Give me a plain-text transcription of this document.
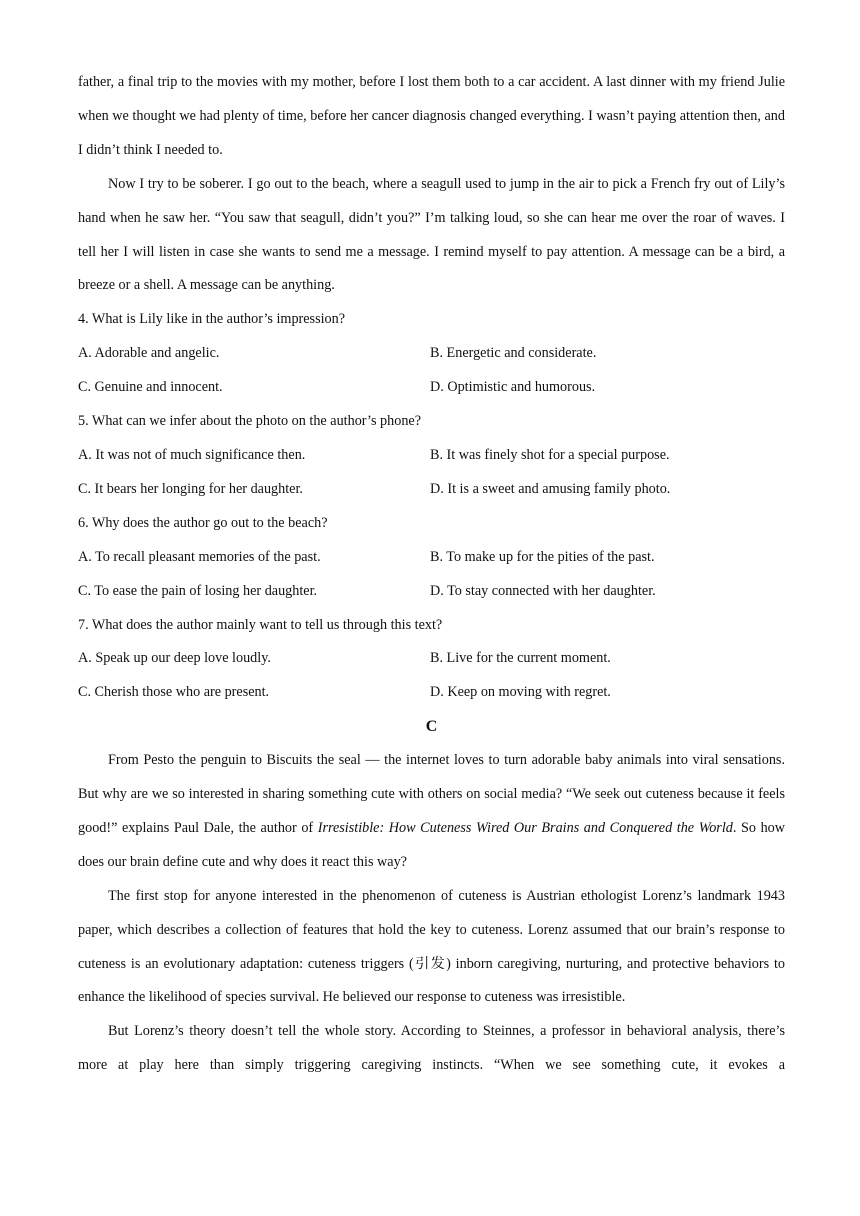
father, a final trip to the movies with my mother, before I lost them both to a car accident. A last dinner with my friend Julie when we thought we had plenty of time, before her cancer diagnosis changed everything. I wasn’t paying attention then, and I didn’t think I needed to.

Now I try to be soberer. I go out to the beach, where a seagull used to jump in the air to pick a French fry out of Lily’s hand when he saw her. “You saw that seagull, didn’t you?” I’m talking loud, so she can hear me over the roar of waves. I tell her I will listen in case she wants to send me a message. I remind myself to pay attention. A message can be a bird, a breeze or a shell. A message can be anything.

4. What is Lily like in the author’s impression?

A. Adorable and angelic.	B. Energetic and considerate.

C. Genuine and innocent.	D. Optimistic and humorous.

5. What can we infer about the photo on the author’s phone?

A. It was not of much significance then.	B. It was finely shot for a special purpose.

C. It bears her longing for her daughter.	D. It is a sweet and amusing family photo.

6. Why does the author go out to the beach?

A. To recall pleasant memories of the past.	B. To make up for the pities of the past.

C. To ease the pain of losing her daughter.	D. To stay connected with her daughter.

7. What does the author mainly want to tell us through this text?

A. Speak up our deep love loudly.	B. Live for the current moment.

C. Cherish those who are present.	D. Keep on moving with regret.

C

From Pesto the penguin to Biscuits the seal — the internet loves to turn adorable baby animals into viral sensations. But why are we so interested in sharing something cute with others on social media? “We seek out cuteness because it feels good!” explains Paul Dale, the author of Irresistible: How Cuteness Wired Our Brains and Conquered the World. So how does our brain define cute and why does it react this way?

The first stop for anyone interested in the phenomenon of cuteness is Austrian ethologist Lorenz’s landmark 1943 paper, which describes a collection of features that hold the key to cuteness. Lorenz assumed that our brain’s response to cuteness is an evolutionary adaptation: cuteness triggers (引发) inborn caregiving, nurturing, and protective behaviors to enhance the likelihood of species survival. He believed our response to cuteness was irresistible.

But Lorenz’s theory doesn’t tell the whole story. According to Steinnes, a professor in behavioral analysis, there’s more at play here than simply triggering caregiving instincts. “When we see something cute, it evokes a
